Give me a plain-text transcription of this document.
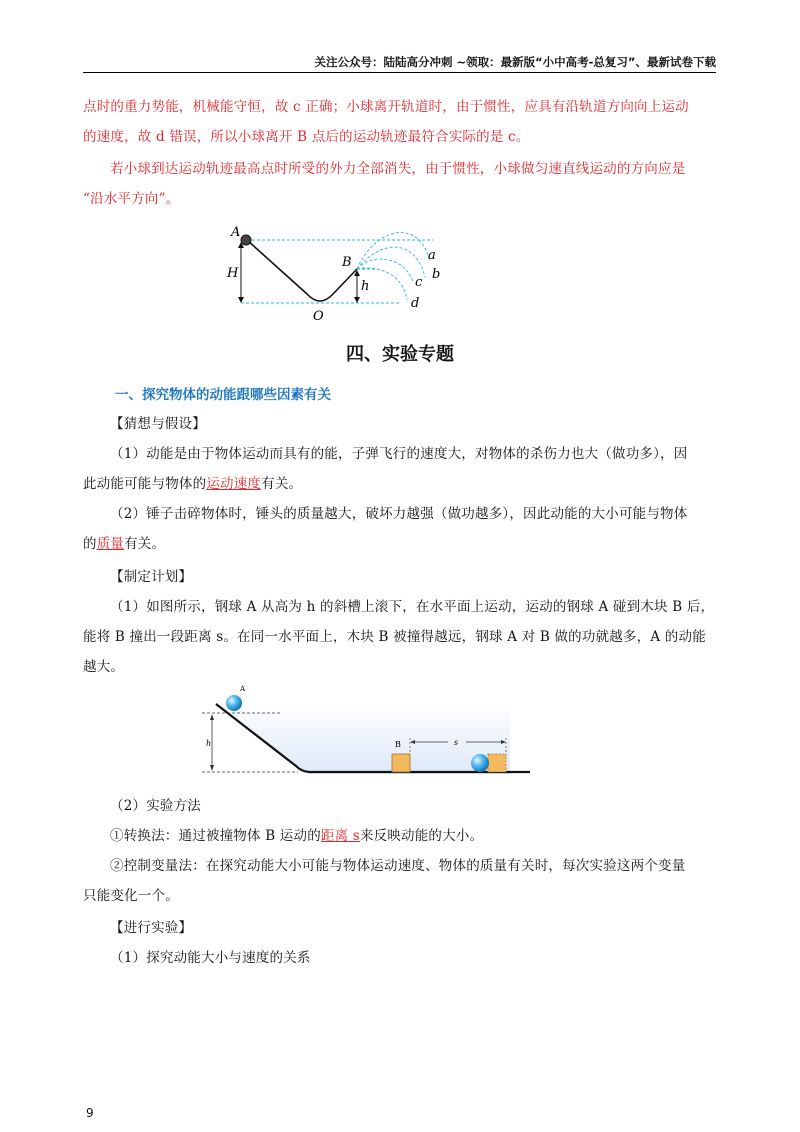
关注公众号：陆陆高分冲刺 ~领取：最新版“小中高考-总复习”、最新试卷下载
点时的重力势能，机械能守恒，故 c 正确；小球离开轨道时，由于惯性，应具有沿轨道方向向上运动
的速度，故 d 错误，所以小球离开 B 点后的运动轨迹最符合实际的是 c。
若小球到达运动轨迹最高点时所受的外力全部消失，由于惯性，小球做匀速直线运动的方向应是
“沿水平方向”。
A
H
B
h
O
a
b
c
d
四、实验专题
一、探究物体的动能跟哪些因素有关
【猜想与假设】
（1）动能是由于物体运动而具有的能，子弹飞行的速度大，对物体的杀伤力也大（做功多），因
此动能可能与物体的运动速度有关。
（2）锤子击碎物体时，锤头的质量越大，破坏力越强（做功越多），因此动能的大小可能与物体
的质量有关。
【制定计划】
（1）如图所示，钢球 A 从高为 h 的斜槽上滚下，在水平面上运动，运动的钢球 A 碰到木块 B 后，
能将 B 撞出一段距离 s。在同一水平面上，木块 B 被撞得越远，钢球 A 对 B 做的功就越多，A 的动能
越大。
h
A
B	s
（2）实验方法
①转换法：通过被撞物体 B 运动的距离 s来反映动能的大小。
②控制变量法：在探究动能大小可能与物体运动速度、物体的质量有关时，每次实验这两个变量
只能变化一个。
【进行实验】
（1）探究动能大小与速度的关系
9
